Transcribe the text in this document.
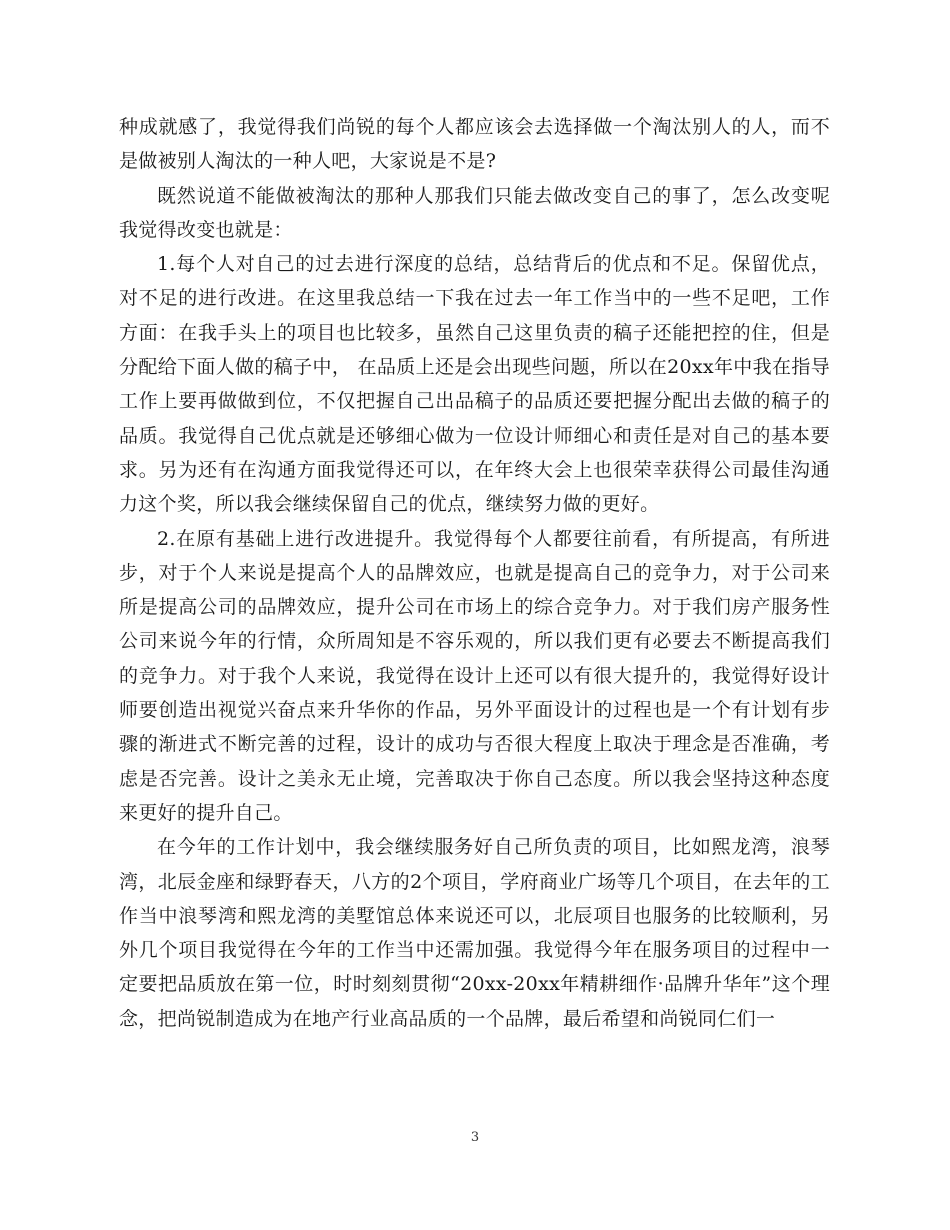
种成就感了，我觉得我们尚锐的每个人都应该会去选择做一个淘汰别人的人，而不是做被别人淘汰的一种人吧，大家说是不是?

既然说道不能做被淘汰的那种人那我们只能去做改变自己的事了，怎么改变呢我觉得改变也就是：

1.每个人对自己的过去进行深度的总结，总结背后的优点和不足。保留优点，对不足的进行改进。在这里我总结一下我在过去一年工作当中的一些不足吧，工作方面：在我手头上的项目也比较多，虽然自己这里负责的稿子还能把控的住，但是分配给下面人做的稿子中， 在品质上还是会出现些问题，所以在20xx年中我在指导工作上要再做做到位，不仅把握自己出品稿子的品质还要把握分配出去做的稿子的品质。我觉得自己优点就是还够细心做为一位设计师细心和责任是对自己的基本要求。另为还有在沟通方面我觉得还可以，在年终大会上也很荣幸获得公司最佳沟通力这个奖，所以我会继续保留自己的优点，继续努力做的更好。

2.在原有基础上进行改进提升。我觉得每个人都要往前看，有所提高，有所进步，对于个人来说是提高个人的品牌效应，也就是提高自己的竞争力，对于公司来所是提高公司的品牌效应，提升公司在市场上的综合竞争力。对于我们房产服务性公司来说今年的行情，众所周知是不容乐观的，所以我们更有必要去不断提高我们的竞争力。对于我个人来说，我觉得在设计上还可以有很大提升的，我觉得好设计师要创造出视觉兴奋点来升华你的作品，另外平面设计的过程也是一个有计划有步骤的渐进式不断完善的过程，设计的成功与否很大程度上取决于理念是否准确，考虑是否完善。设计之美永无止境，完善取决于你自己态度。所以我会坚持这种态度来更好的提升自己。

在今年的工作计划中，我会继续服务好自己所负责的项目，比如熙龙湾，浪琴湾，北辰金座和绿野春天，八方的2个项目，学府商业广场等几个项目，在去年的工作当中浪琴湾和熙龙湾的美墅馆总体来说还可以，北辰项目也服务的比较顺利，另外几个项目我觉得在今年的工作当中还需加强。我觉得今年在服务项目的过程中一定要把品质放在第一位，时时刻刻贯彻“20xx-20xx年精耕细作·品牌升华年”这个理念，把尚锐制造成为在地产行业高品质的一个品牌，最后希望和尚锐同仁们一

3
